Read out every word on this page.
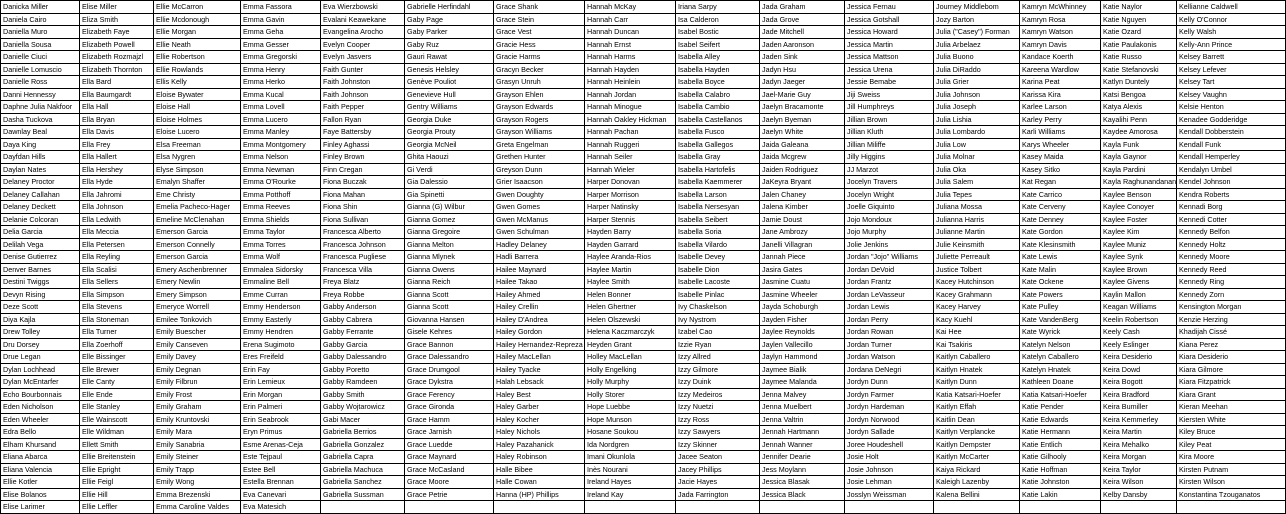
Danicka Miller	Elise Miller	Ellie McCarron	Emma Fassora	Eva Wierzbowski	Gabrielle Herfindahl	Grace Shank	Hannah McKay	Iriana Sarpy	Jada Graham	Jessica Fernau	Journey Middlebom	Kamryn McWhinney	Katie Naylor	Kellianne Caldwell
Daniela Cairo	Eliza Smith	Ellie Mcdonough	Emma Gavin	Evalani Keawekane	Gaby Page	Grace Stein	Hannah Carr	Isa Calderon	Jada Grove	Jessica Gotshall	Jozy Barton	Kamryn Rosa	Katie Nguyen	Kelly O'Connor
Daniella Muro	Elizabeth Faye	Ellie Morgan	Emma Geha	Evangelina Arocho	Gaby Parker	Grace Vest	Hannah Duncan	Isabel Bostic	Jade Mitchell	Jessica Howard	Julia ("Casey") Forman	Kamryn Watson	Katie Ozard	Kelly Walsh
Daniella Sousa	Elizabeth Powell	Ellie Neath	Emma Gesser	Evelyn Cooper	Gaby Ruz	Gracie Hess	Hannah Ernst	Isabel Seifert	Jaden Aaronson	Jessica Martin	Julia Arbelaez	Kamryn Davis	Katie Paulakonis	Kelly-Ann Prince
Danielle Ciuci	Elizabeth Rozmajzl	Ellie Robertson	Emma Gregorski	Evelyn Jasvers	Gauri Rawat	Gracie Harms	Hannah Harms	Isabella Alley	Jaden Sink	Jessica Mattson	Julia Buono	Kandace Koerth	Katie Russo	Kelsey Barrett
Danielle Lomuscio	Elizabeth Thornton	Ellie Rowlands	Emma Henry	Faith Gunter	Genesis Helsley	Gracyn Becker	Hannah Hayden	Isabella Hayden	Jadyn Hsu	Jessica Urena	Julia DiRaddo	Kareena Wardlow	Katie Stefanovski	Kelsey Lefever
Danielle Ross	Ella Bard	Ellis Kelly	Emma Herko	Faith Johnston	Genève Pouliot	Grasyn Unruh	Hannah Heinlein	Isabella Boyce	Jadyn Jaeger	Jessie Bemabe	Julia Grier	Karina Peat	Katlyn Duntely	Kelsey Tart
Danni Hennessy	Ella Baumgardt	Eloise Bywater	Emma Kucal	Faith Johnson	Genevieve Hull	Grayson Ehlen	Hannah Jordan	Isabella Calabro	Jael-Marie Guy	Jiji Sweiss	Julia Johnson	Karissa Kira	Katsi Bengoa	Kelsey Vaughn
Daphne Julia Nakfoor	Ella Hall	Eloise Hall	Emma Lovell	Faith Pepper	Gentry Williams	Grayson Edwards	Hannah Minogue	Isabella Cambio	Jaelyn Bracamonte	Jill Humphreys	Julia Joseph	Karlee Larson	Katya Alexis	Kelsie Henton
Dasha Tuckova	Ella Bryan	Eloise Holmes	Emma Lucero	Fallon Ryan	Georgia Duke	Grayson Rogers	Hannah Oakley Hickman	Isabella Castellanos	Jaelyn Byeman	Jillian Brown	Julia Lishia	Karley Perry	Kayalihi Penn	Kenadee Godderidge
Dawnlay Beal	Ella Davis	Eloise Lucero	Emma Manley	Faye Battersby	Georgia Prouty	Grayson Williams	Hannah Pachan	Isabella Fusco	Jaelyn White	Jillian Kluth	Julia Lombardo	Karli Williams	Kaydee Amorosa	Kendall Dobberstein
Daya King	Ella Frey	Elsa Freeman	Emma Montgomery	Finley Aghassi	Georgia McNeil	Greta Engelman	Hannah Ruggeri	Isabella Gallegos	Jaida Galeana	Jillian Miliffe	Julia Low	Karys Wheeler	Kayla Funk	Kendall Funk
Dayfdan Hills	Ella Hallert	Elsa Nygren	Emma Nelson	Finley Brown	Ghita Haouzi	Grethen Hunter	Hannah Seiler	Isabella Gray	Jaida Mcgrew	Jilly Higgins	Julia Molnar	Kasey Maida	Kayla Gaynor	Kendall Hemperley
Daylan Nates	Ella Hershey	Elyse Simpson	Emma Newman	Finn Cregan	Gi Verdi	Greyson Dunn	Hannah Wieler	Isabella Hartofelis	Jaiden Rodriguez	JJ Marzot	Julia Oka	Kasey Sitko	Kayla Pardini	Kendalyn Umbel
Delaney Proctor	Ella Hyde	Emalyn Shaffer	Emma O'Rourke	Fiona Buczak	Gia Dalessio	Grier Isaacson	Harper Donovan	Isabella Kaemmerer	JaKeyra Bryant	Jocelyn Travers	Julia Salem	Kat Regan	Kayla Raghunandanan	Kendel Johnson
Delaney Callahan	Ella Jahromi	Eme Christy	Emma Potthoff	Fiona Mahan	Gia Spinetti	Gwen Doughty	Harper Morrison	Isabella Larson	Jalen Chaney	Jocelyn Wright	Julia Tepes	Kate Carrico	Kaylee Benson	Kendra Roberts
Delaney Deckett	Ella Johnson	Emelia Pacheco-Hager	Emma Reeves	Fiona Shin	Gianna (G) Wilbur	Gwen Gomes	Harper Natinsky	Isabella Nersesyan	Jalena Kimber	Joelle Giquinto	Juliana Mossa	Kate Cerveny	Kaylee Conoyer	Kennadi Borg
Delanie Colcoran	Ella Ledwith	Emeline McClenahan	Emma Shields	Fiona Sullivan	Gianna Gomez	Gwen McManus	Harper Stennis	Isabella Seibert	Jamie Doust	Jojo Mondoux	Julianna Harris	Kate Denney	Kaylee Foster	Kennedi Cotter
Delia Garcia	Ella Meccia	Emerson Garcia	Emma Taylor	Francesca Alberto	Gianna Gregoire	Gwen Schulman	Hayden Barry	Isabella Soria	Jane Ambrozy	Jojo Murphy	Julianne Martin	Kate Gordon	Kaylee Kim	Kennedy Belfon
Delilah Vega	Ella Petersen	Emerson Connelly	Emma Torres	Francesca Johnson	Gianna Melton	Hadley Delaney	Hayden Garrard	Isabella Vilardo	Janelli Villagran	Jolie Jenkins	Julie Keinsmith	Kate Klesinsmith	Kaylee Muniz	Kennedy Holtz
Denise Gutierrez	Ella Reyling	Emerson Garcia	Emma Wolf	Francesca Pugliese	Gianna Mlynek	Hadli Barrera	Haylee Aranda-Rios	Isabelle Devey	Jannah Piece	Jordan "Jojo" Williams	Juliette Perreault	Kate Lewis	Kaylee Synk	Kennedy Moore
Denver Barnes	Ella Scalisi	Emery Aschenbrenner	Emmalea Sidorsky	Francesca Villa	Gianna Owens	Hailee Maynard	Haylee Martin	Isabelle Dion	Jasira Gates	Jordan DeVoid	Justice Tolbert	Kate Malin	Kaylee Brown	Kennedy Reed
Destini Twiggs	Ella Sellers	Emery Newlin	Emmaline Bell	Freya Blatz	Gianna Reich	Hailee Takao	Haylee Smith	Isabelle Lacoste	Jasmine Cuatu	Jordan Frantz	Kacey Hutchinson	Kate Ockene	Kaylee Givens	Kennedy Ring
Devyn Rising	Ella Simpson	Emery Simpson	Emme Curran	Freya Robbe	Gianna Scott	Hailey Ahmed	Helen Bonner	Isabelle Pinlac	Jasmine Wheeler	Jordan LeVasseur	Kacey Grahmann	Kate Powers	Kaylin Mallon	Kennedy Zorn
Deze Scott	Ella Stevens	Emeryce Worrell	Emmy Henderson	Gabby Anderson	Gianna Scott	Hailey Crellin	Helen Ghertner	Ivy Chaskelson	Jayda Schoburgh	Jordan Lewis	Kacey Harvey	Kate Pulley	Keagan Williams	Kensington Morgan
Diya Kajla	Ella Stoneman	Emilee Tonkovich	Emmy Easterly	Gabby Cabrera	Giovanna Hansen	Hailey D'Andrea	Helen Olszewski	Ivy Nystrom	Jayden Fisher	Jordan Perry	Kacy Kuehl	Kate VandenBerg	Keelin Robertson	Kenzie Herzing
Drew Tolley	Ella Turner	Emily Buescher	Emmy Hendren	Gabby Ferrante	Gisele Kehres	Hailey Gordon	Helena Kaczmarczyk	Izabel Cao	Jaylee Reynolds	Jordan Rowan	Kai Hee	Kate Wyrick	Keely Cash	Khadijah Cissé
Dru Dorsey	Ella Zoerhoff	Emily Canseven	Erena Sugimoto	Gabby Garcia	Grace Bannon	Hailey Hernandez-Repreza	Heyden Grant	Izzie Ryan	Jaylen Vallecillo	Jordan Turner	Kai Tsakiris	Katelyn Nelson	Keely Eslinger	Kiana Perez
Drue Legan	Elle Bissinger	Emily Davey	Eres Freifeld	Gabby Dalessandro	Grace Dalessandro	Hailey MacLellan	Holley MacLellan	Izzy Allred	Jaylyn Hammond	Jordan Watson	Kaitlyn Caballero	Katelyn Caballero	Keira Desiderio	Kiara Desiderio
Dylan Lochhead	Elle Brewer	Emily Degnan	Erin Fay	Gabby Poretto	Grace Drumgool	Hailey Tyacke	Holly Engelking	Izzy Gilmore	Jaymee Bialik	Jordana DeNegri	Kaitlyn Hnatek	Katelyn Hnatek	Keira Dowd	Kiara Gilmore
Dylan McEntarfer	Elle Canty	Emily Filbrun	Erin Lemieux	Gabby Ramdeen	Grace Dykstra	Halah Lebsack	Holly Murphy	Izzy Duink	Jaymee Malanda	Jordyn Dunn	Kaitlyn Dunn	Kathleen Doane	Keira Bogott	Kiara Fitzpatrick
Echo Bourbonnais	Elle Ende	Emily Frost	Erin Morgan	Gabby Smith	Grace Ferency	Haley Best	Holly Storer	Izzy Medeiros	Jenna Malvey	Jordyn Farmer	Katia Katsari-Hoefer	Katia Katsari-Hoefer	Keira Bradford	Kiara Grant
Eden Nicholson	Elle Stanley	Emily Graham	Erin Palmeri	Gabby Wojtarowicz	Grace Gironda	Haley Garber	Hope Luebbe	Izzy Nuetzi	Jenna Muelbert	Jordyn Hardeman	Kaitlyn Effah	Katie Pender	Keira Bumiller	Kieran Meehan
Eden Wheeler	Elle Wainscott	Emily Kruntovski	Erin Seabrook	Gabi Macer	Grace Hamm	Haley Kocher	Hope Munson	Izzy Ross	Jenna Valtrin	Jordyn Norwood	Kaitlin Dean	Katie Edwards	Keira Kemmerley	Kiersten White
Edra Bello	Elle Wildman	Emily Mara	Eryn Primus	Gabriella Berrios	Grace Jarnish	Haley Nichols	Hosane Soukou	Izzy Sawyers	Jennah Hartmann	Jordyn Sallade	Kaitlyn Verplancke	Katie Hermann	Keira Martin	Kiley Bruce
Elham Khursand	Ellett Smith	Emily Sanabria	Esme Arenas-Ceja	Gabriella Gonzalez	Grace Luedde	Haley Pazahanick	Ida Nordgren	Izzy Skinner	Jennah Wanner	Joree Houdeshell	Kaitlyn Dempster	Katie Entlich	Keira Mehalko	Kiley Peat
Eliana Abarca	Ellie Breitenstein	Emily Steiner	Este Tejpaul	Gabriella Capra	Grace Maynard	Haley Robinson	Imani Okunlola	Jacee Seaton	Jennifer Dearie	Josie Holt	Kaitlyn McCarter	Katie Gilhooly	Keira Morgan	Kira Moore
Eliana Valencia	Ellie Epright	Emily Trapp	Estee Bell	Gabriella Machuca	Grace McCasland	Halle Bibee	Inès Nourani	Jacey Phillips	Jess Moylann	Josie Johnson	Kaiya Rickard	Katie Hoffman	Keira Taylor	Kirsten Putnam
Ellie Kotler	Ellie Feigl	Emily Wong	Estella Brennan	Gabriella Sanchez	Grace Moore	Halle Cowan	Ireland Hayes	Jacie Hayes	Jessica Blasak	Josie Lehman	Kaleigh Lazenby	Katie Johnston	Keira Wilson	Kirsten Wilson
Elise Bolanos	Ellie Hill	Emma Brezenski	Eva Canevari	Gabriella Sussman	Grace Petrie	Hanna (HP) Phillips	Ireland Kay	Jada Farrington	Jessica Black	Josslyn Weissman	Kalena Bellini	Katie Lakin	Kelby Dansby	Konstantina Tzouganatos
Elise Larimer	Ellie Leffler	Emma Caroline Valdes	Eva Matesich											
